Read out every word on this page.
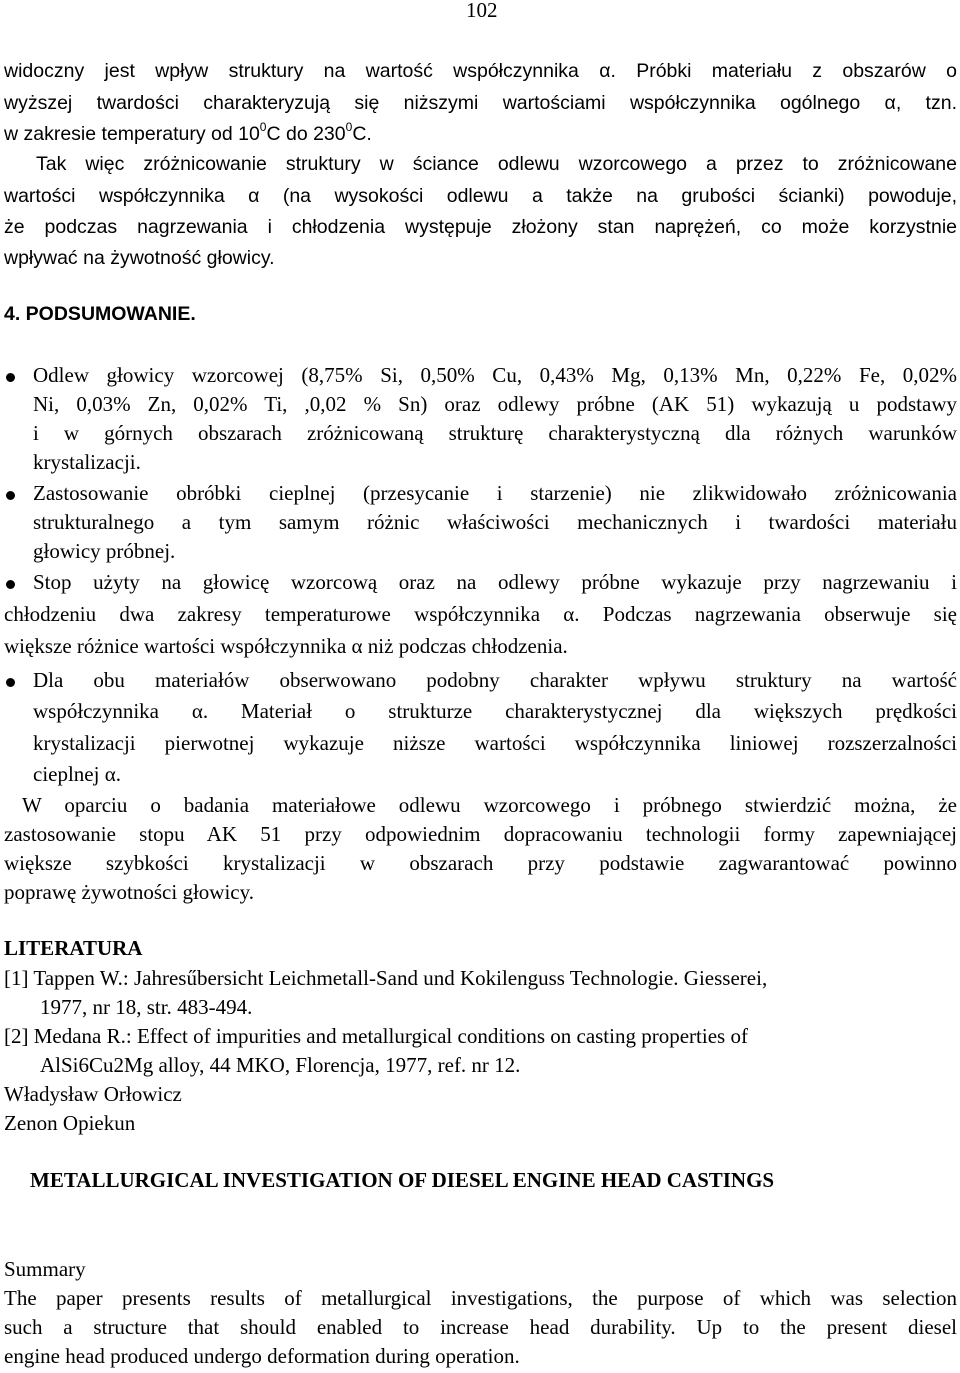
102
widoczny jest wpływ struktury na wartość współczynnika α. Próbki materiału z obszarów o
wyższej twardości charakteryzują się niższymi wartościami współczynnika ogólnego α, tzn.
w zakresie temperatury od $10^0C$ do $230^0C$.
Tak więc zróżnicowanie struktury w ściance odlewu wzorcowego a przez to zróżnicowane
wartości współczynnika α (na wysokości odlewu a także na grubości ścianki) powoduje,
że podczas nagrzewania i chłodzenia występuje złożony stan naprężeń, co może korzystnie
wpływać na żywotność głowicy.
4. PODSUMOWANIE.
Odlew głowicy wzorcowej (8,75% Si, 0,50% Cu, 0,43% Mg, 0,13% Mn, 0,22% Fe, 0,02%
Ni, 0,03% Zn, 0,02% Ti, ,0,02 % Sn) oraz odlewy próbne (AK 51) wykazują u podstawy
i w górnych obszarach zróżnicowaną strukturę charakterystyczną dla różnych warunków
krystalizacji.
Zastosowanie obróbki cieplnej (przesycanie i starzenie) nie zlikwidowało zróżnicowania
strukturalnego a tym samym różnic właściwości mechanicznych i twardości materiału
głowicy próbnej.
Stop użyty na głowicę wzorcową oraz na odlewy próbne wykazuje przy nagrzewaniu i
chłodzeniu dwa zakresy temperaturowe współczynnika α. Podczas nagrzewania obserwuje się
większe różnice wartości współczynnika α niż podczas chłodzenia.
Dla obu materiałów obserwowano podobny charakter wpływu struktury na wartość
współczynnika α. Materiał o strukturze charakterystycznej dla większych prędkości
krystalizacji pierwotnej wykazuje niższe wartości współczynnika liniowej rozszerzalności
cieplnej α.
W oparciu o badania materiałowe odlewu wzorcowego i próbnego stwierdzić można, że
zastosowanie stopu AK 51 przy odpowiednim dopracowaniu technologii formy zapewniającej
większe szybkości krystalizacji w obszarach przy podstawie zagwarantować powinno
poprawę żywotności głowicy.
LITERATURA
[1] Tappen W.: Jahresűbersicht Leichmetall-Sand und Kokilenguss Technologie. Giesserei,
1977, nr 18, str. 483-494.
[2] Medana R.: Effect of impurities and metallurgical conditions on casting properties of
AlSi6Cu2Mg alloy, 44 MKO, Florencja, 1977, ref. nr 12.
Władysław Orłowicz
Zenon Opiekun
METALLURGICAL INVESTIGATION OF DIESEL ENGINE HEAD CASTINGS
Summary
The paper presents results of metallurgical investigations, the purpose of which was selection
such a structure that should enabled to increase head durability. Up to the present diesel
engine head produced undergo deformation during operation.
